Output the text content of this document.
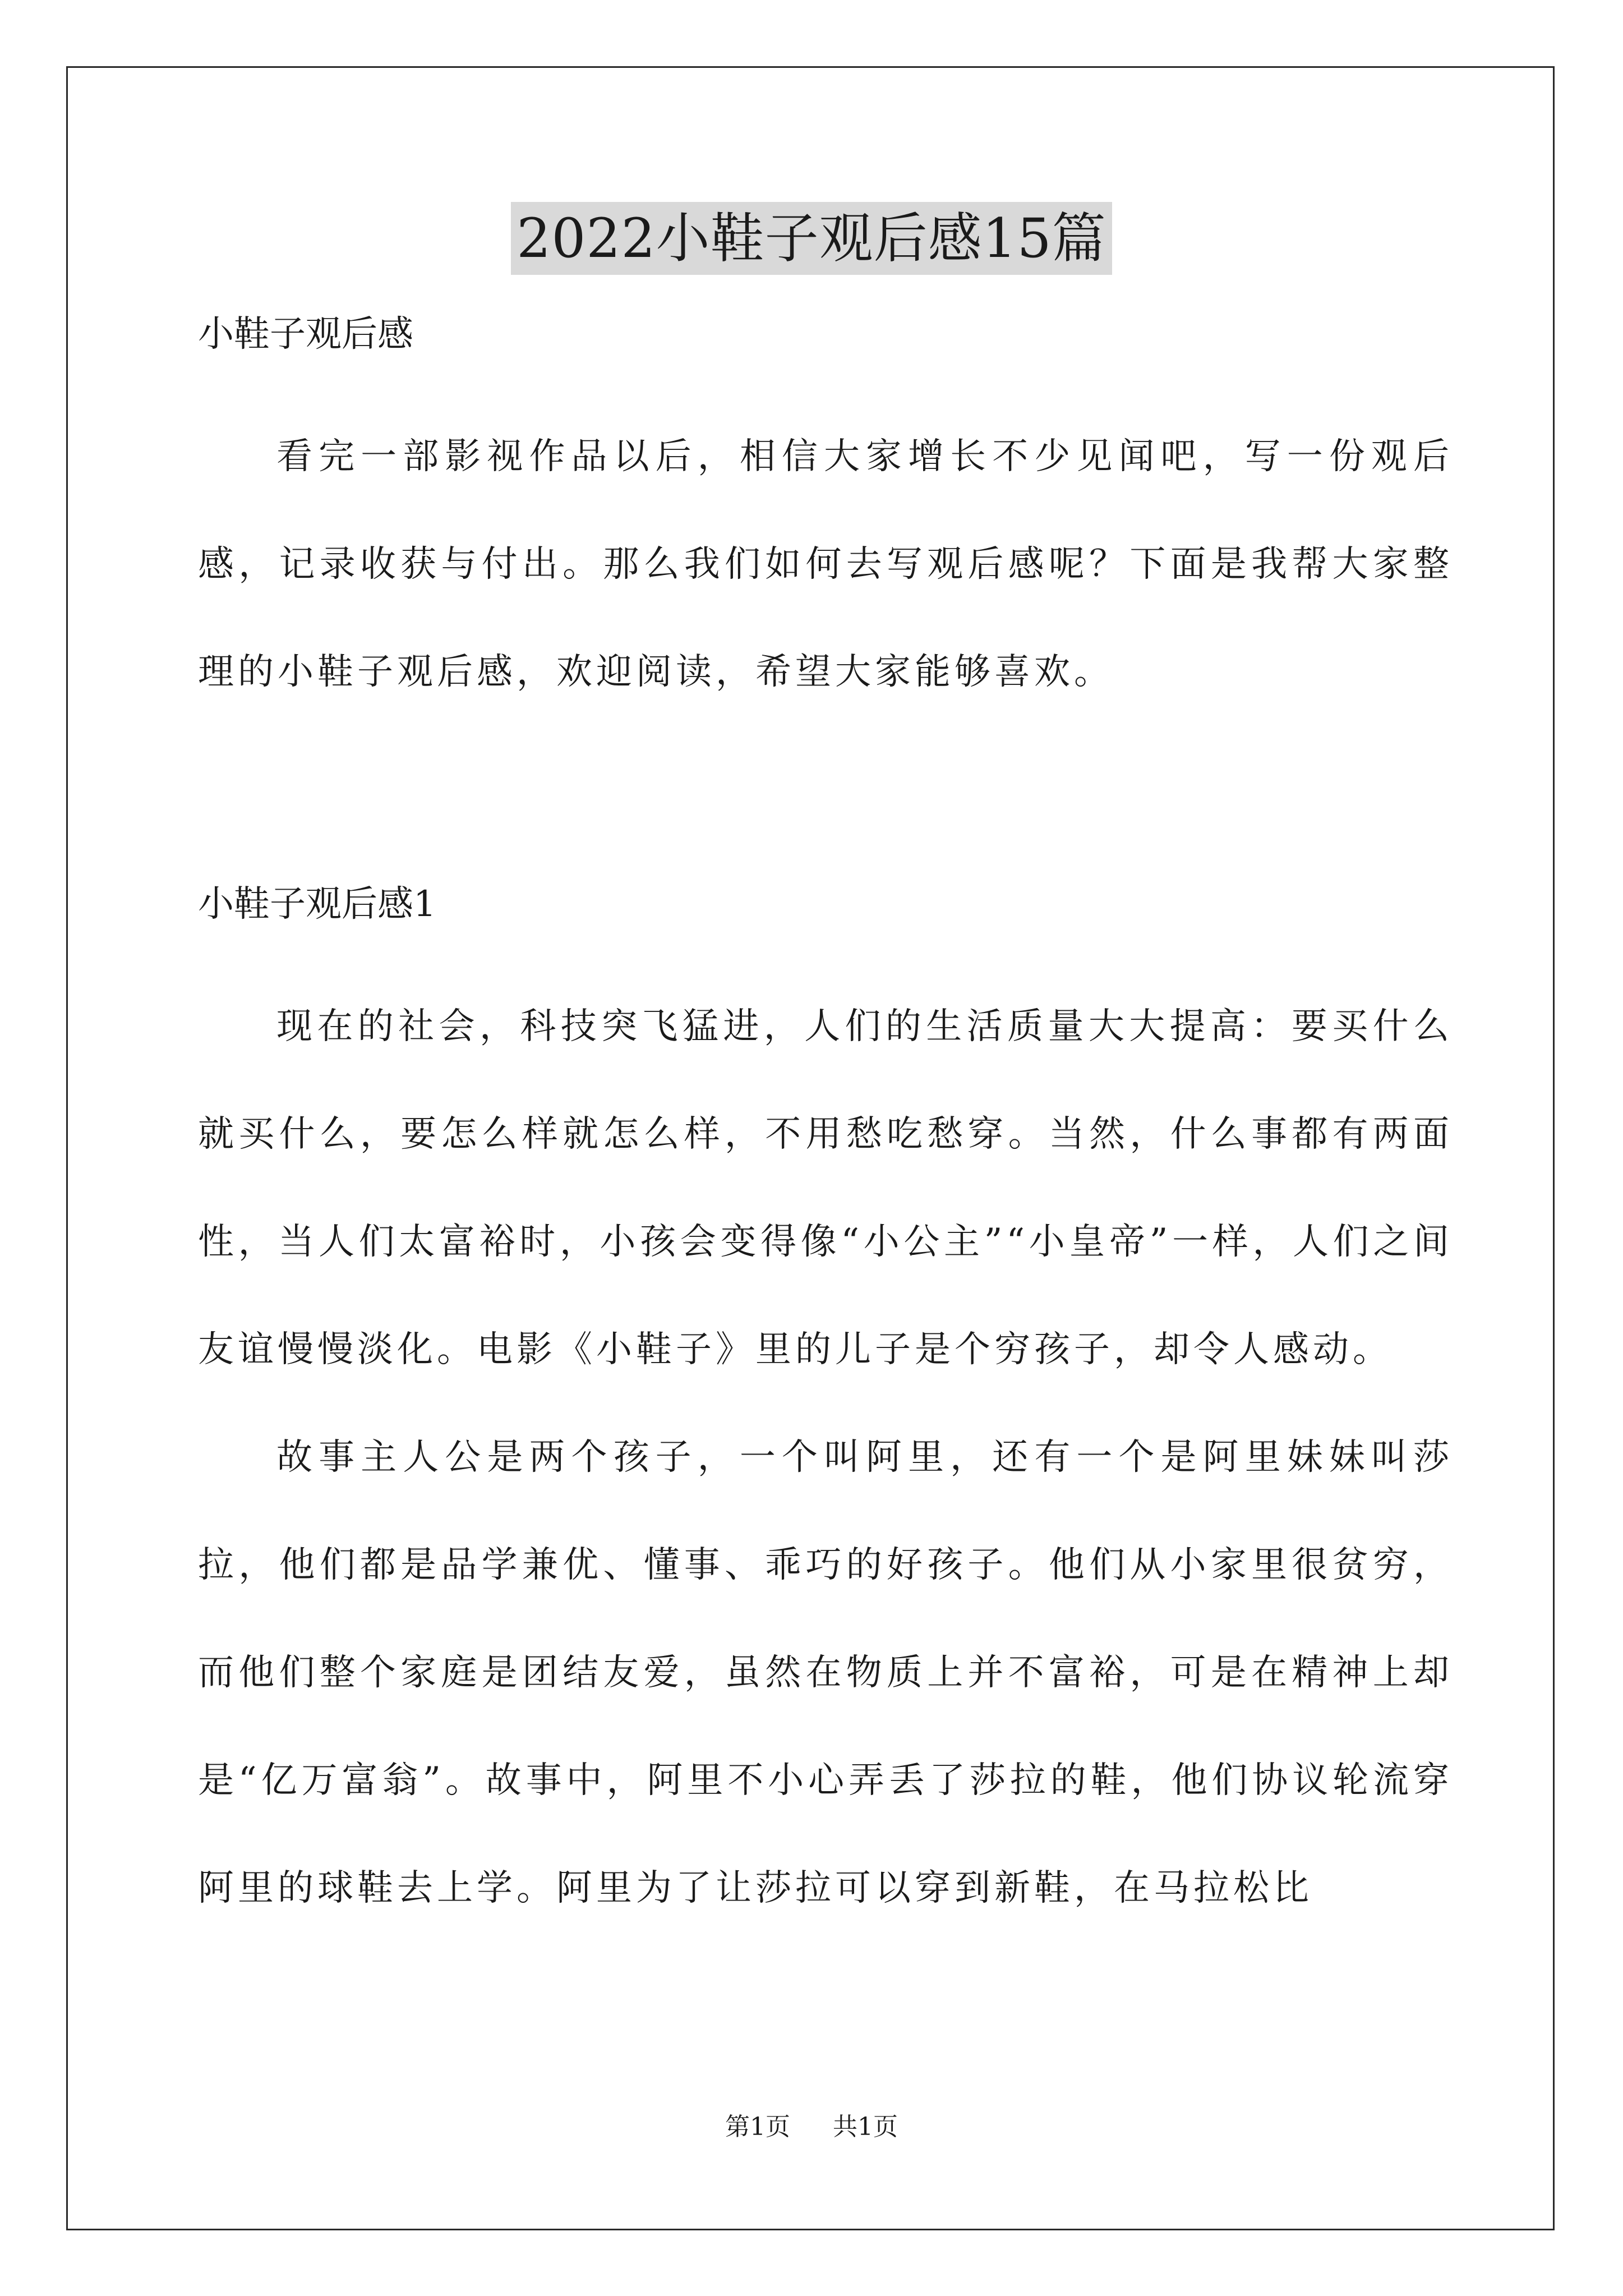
2022小鞋子观后感15篇
小鞋子观后感

看完一部影视作品以后，相信大家增长不少见闻吧，写一份观后感，记录收获与付出。那么我们如何去写观后感呢？下面是我帮大家整理的小鞋子观后感，欢迎阅读，希望大家能够喜欢。

小鞋子观后感1

现在的社会，科技突飞猛进，人们的生活质量大大提高：要买什么就买什么，要怎么样就怎么样，不用愁吃愁穿。当然，什么事都有两面性，当人们太富裕时，小孩会变得像“小公主”“小皇帝”一样，人们之间友谊慢慢淡化。电影《小鞋子》里的儿子是个穷孩子，却令人感动。

故事主人公是两个孩子，一个叫阿里，还有一个是阿里妹妹叫莎拉，他们都是品学兼优、懂事、乖巧的好孩子。他们从小家里很贫穷，而他们整个家庭是团结友爱，虽然在物质上并不富裕，可是在精神上却是“亿万富翁”。故事中，阿里不小心弄丢了莎拉的鞋，他们协议轮流穿阿里的球鞋去上学。阿里为了让莎拉可以穿到新鞋，在马拉松比

第1页 共1页
